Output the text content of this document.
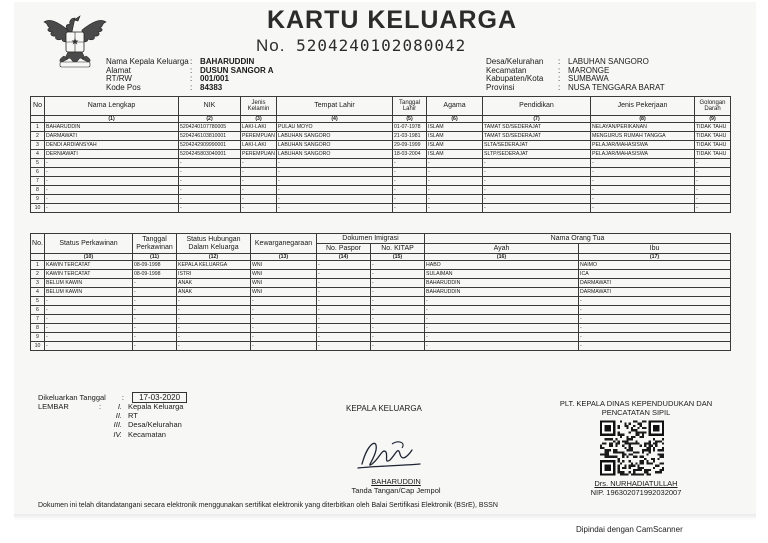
KARTU KELUARGA
No. 5204240102080042
Nama Kepala Keluarga : BAHARUDDIN
Alamat	: DUSUN SANGOR A
RT/RW	: 001/001
Kode Pos	: 84383
Desa/Kelurahan	: LABUHAN SANGORO
Kecamatan	: MARONGE
Kabupaten/Kota	: SUMBAWA
Provinsi	: NUSA TENGGARA BARAT
No	Nama Lengkap	NIK	Jenis Kelamin	Tempat Lahir	Tanggal Lahir	Agama	Pendidikan	Jenis Pekerjaan	Golongan Darah
	(1)	(2)	(3)	(4)	(5)	(6)	(7)	(8)	(9)
1	BAHARUDDIN	5204240107780005	LAKI-LAKI	PULAU MOYO	01-07-1978	ISLAM	TAMAT SD/SEDERAJAT	NELAYAN/PERIKANAN	TIDAK TAHU
2	DARMAWATI	5204246103810001	PEREMPUAN	LABUHAN SANGORO	21-03-1981	ISLAM	TAMAT SD/SEDERAJAT	MENGURUS RUMAH TANGGA	TIDAK TAHU
3	DENDI ARDIANSYAH	5204242909990001	LAKI-LAKI	LABUHAN SANGORO	29-09-1999	ISLAM	SLTA/SEDERAJAT	PELAJAR/MAHASISWA	TIDAK TAHU
4	DERNIAWATI	5204245803040001	PEREMPUAN	LABUHAN SANGORO	18-03-2004	ISLAM	SLTP/SEDERAJAT	PELAJAR/MAHASISWA	TIDAK TAHU
5	-	-	-	-	-	-	-	-	-
6	-	-	-	-	-	-	-	-	-
7	-	-	-	-	-	-	-	-	-
8	-	-	-	-	-	-	-	-	-
9	-	-	-	-	-	-	-	-	-
10	-	-	-	-	-	-	-	-	-
No.	Status Perkawinan	Tanggal Perkawinan	Status Hubungan Dalam Keluarga	Kewarganegaraan	Dokumen Imigrasi		Nama Orang Tua	
					No. Paspor	No. KITAP	Ayah	Ibu
	(10)	(11)	(12)	(13)	(14)	(15)	(16)	(17)
1	KAWIN TERCATAT	08-09-1998	KEPALA KELUARGA	WNI	-	-	HABO	NAIMO
2	KAWIN TERCATAT	08-09-1998	ISTRI	WNI	-	-	SULAIMAN	ICA
3	BELUM KAWIN	-	ANAK	WNI	-	-	BAHARUDDIN	DARMAWATI
4	BELUM KAWIN	-	ANAK	WNI	-	-	BAHARUDDIN	DARMAWATI
5	-	-	-	-	-	-	-	-
6	-	-	-	-	-	-	-	-
7	-	-	-	-	-	-	-	-
8	-	-	-	-	-	-	-	-
9	-	-	-	-	-	-	-	-
10	-	-	-	-	-	-	-	-
Dikeluarkan Tanggal : 17-03-2020
LEMBAR	:	I. Kepala Keluarga
II. RT
III. Desa/Kelurahan
IV. Kecamatan
KEPALA KELUARGA
BAHARUDDIN
Tanda Tangan/Cap Jempol
PLT. KEPALA DINAS KEPENDUDUKAN DAN PENCATATAN SIPIL
Drs. NURHADIATULLAH
NIP. 196302071992032007
Dokumen ini telah ditandatangani secara elektronik menggunakan sertifikat elektronik yang diterbitkan oleh Balai Sertifikasi Elektronik (BSrE), BSSN
Dipindai dengan CamScanner
